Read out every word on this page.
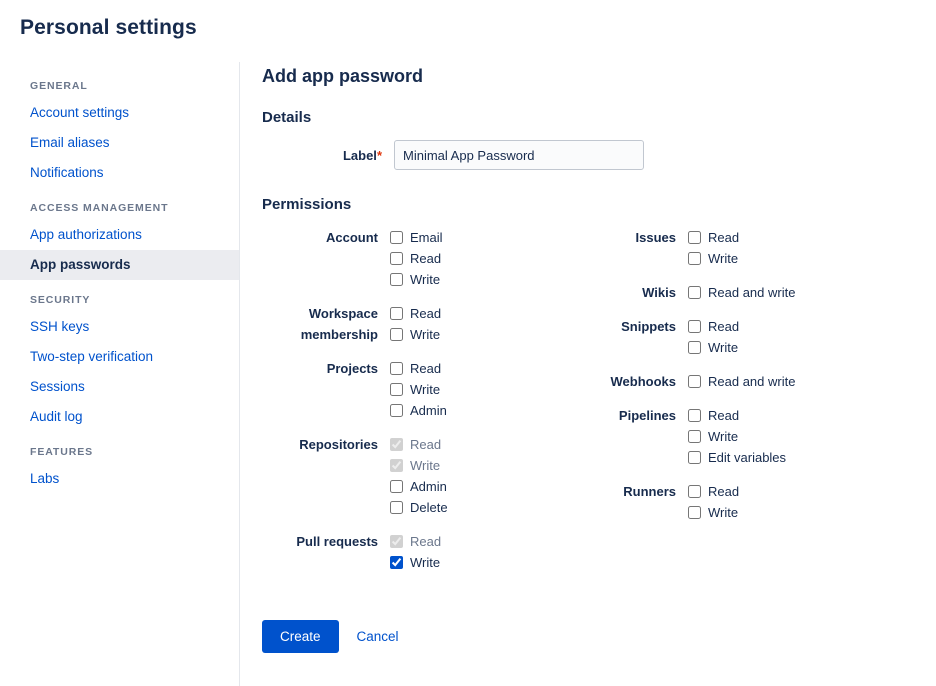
Personal settings
GENERAL
Account settings
Email aliases
Notifications
ACCESS MANAGEMENT
App authorizations
App passwords
SECURITY
SSH keys
Two-step verification
Sessions
Audit log
FEATURES
Labs
Add app password
Details
Label*
Minimal App Password
Permissions
Account Email
Read
Write
Workspace
membership
Read
Write
Projects Read
Write
Admin
Repositories Read
Write
Admin
Delete
Pull requests Read
Write
Issues Read
Write
Wikis Read and write
Snippets Read
Write
Webhooks Read and write
Pipelines Read
Write
Edit variables
Runners Read
Write
Create	Cancel
